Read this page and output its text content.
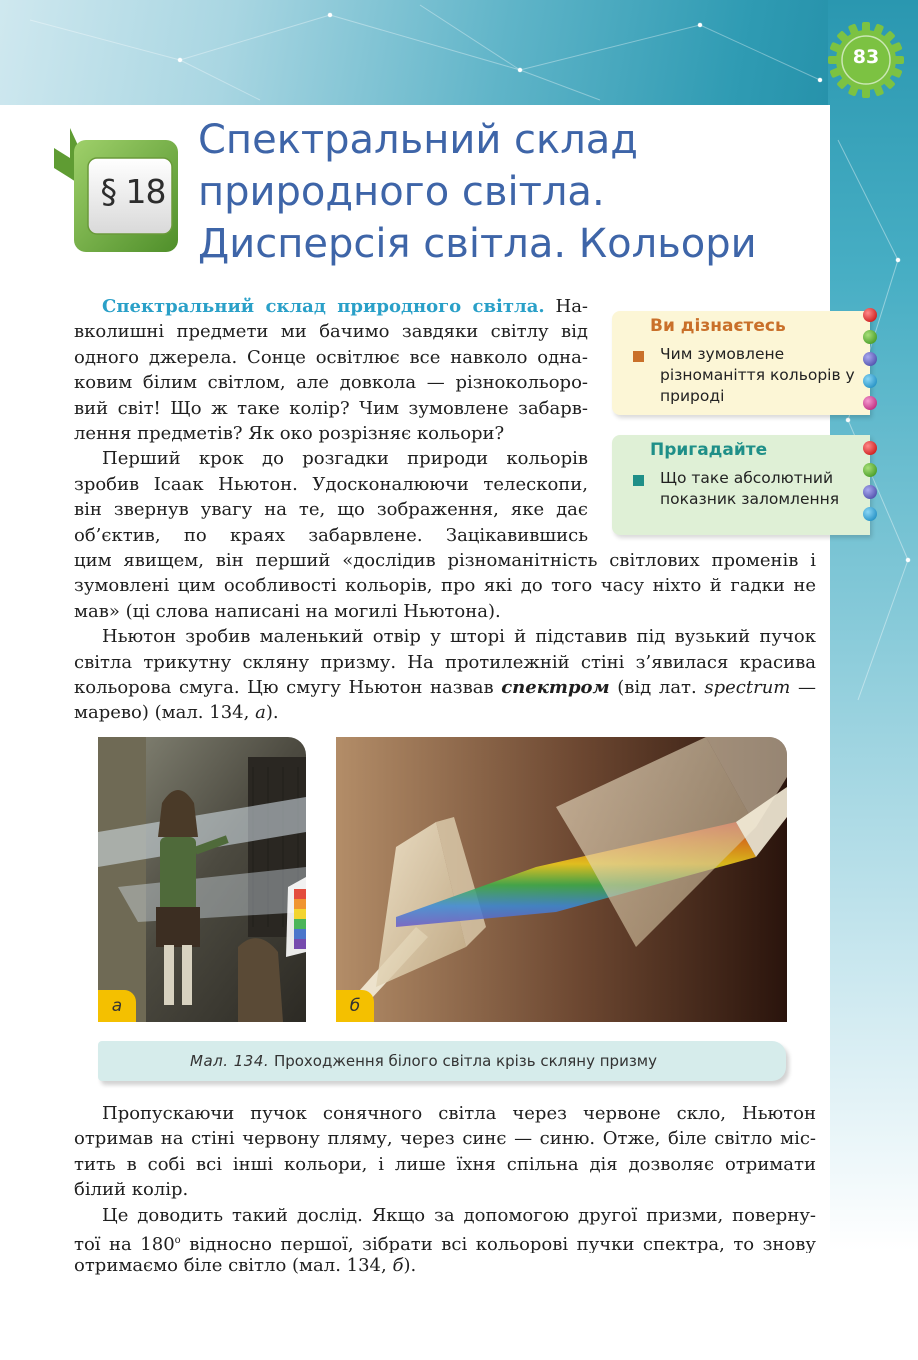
83
§ 18
Спектральний склад
природного світла.
Дисперсія світла. Кольори
Спектральний склад природного світла. На-
вколишні предмети ми бачимо завдяки світлу від
одного джерела. Сонце освітлює все навколо одна-
ковим білим світлом, але довкола — різнокольоро-
вий світ! Що ж таке колір? Чим зумовлене забарв-
лення предметів? Як око розрізняє кольори?
Перший крок до розгадки природи кольорів
зробив Ісаак Ньютон. Удосконалюючи телескопи,
він звернув увагу на те, що зображення, яке дає
об’єктив, по краях забарвлене. Зацікавившись
цим явищем, він перший «дослідив різноманітність світлових променів і
зумовлені цим особливості кольорів, про які до того часу ніхто й гадки не
мав» (ці слова написані на могилі Ньютона).
Ньютон зробив маленький отвір у шторі й підставив під вузький пучок
світла трикутну скляну призму. На протилежній стіні з’явилася красива
кольорова смуга. Цю смугу Ньютон назвав спектром (від лат. spectrum —
марево) (мал. 134, а).
Ви дізнаєтесь
Чим зумовлене різноманіття кольорів у природі
Пригадайте
Що таке абсолютний показник заломлення
а	б
Мал. 134. Проходження білого світла крізь скляну призму
Пропускаючи пучок сонячного світла через червоне скло, Ньютон
отримав на стіні червону пляму, через синє — синю. Отже, біле світло міс-
тить в собі всі інші кольори, і лише їхня спільна дія дозволяє отримати
білий колір.
Це доводить такий дослід. Якщо за допомогою другої призми, поверну-
тої на $180^о$ відносно першої, зібрати всі кольорові пучки спектра, то знову
отримаємо біле світло (мал. 134, б).
